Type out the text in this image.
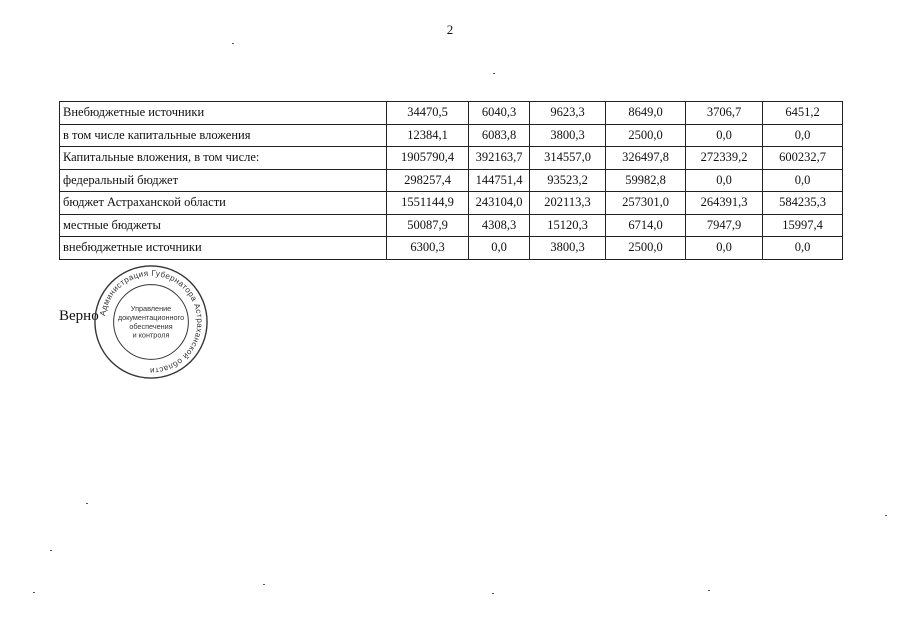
2
Внебюджетные источники	34470,5	6040,3	9623,3	8649,0	3706,7	6451,2
в том числе капитальные вложения	12384,1	6083,8	3800,3	2500,0	0,0	0,0
Капитальные вложения, в том числе:	1905790,4	392163,7	314557,0	326497,8	272339,2	600232,7
федеральный бюджет	298257,4	144751,4	93523,2	59982,8	0,0	0,0
бюджет Астраханской области	1551144,9	243104,0	202113,3	257301,0	264391,3	584235,3
местные бюджеты	50087,9	4308,3	15120,3	6714,0	7947,9	15997,4
внебюджетные источники	6300,3	0,0	3800,3	2500,0	0,0	0,0
Верно Администрация Губернатора Астраханской области
Управление
документационного
обеспечения
и контроля
